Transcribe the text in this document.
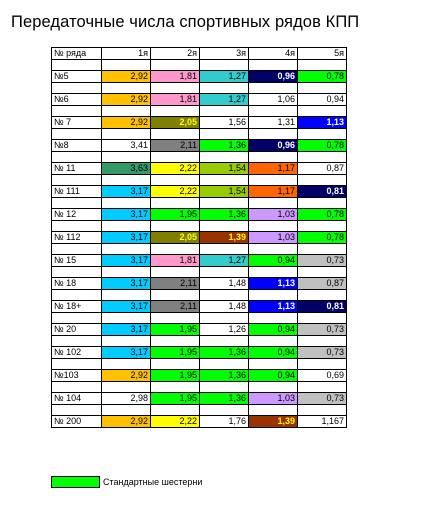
Передаточные числа спортивных рядов КПП
№ ряда	1я	2я	3я	4я	5я

№5	2,92	1,81	1,27	0,96	0,78

№6	2,92	1,81	1,27	1,06	0,94

№ 7	2,92	2,05	1,56	1,31	1,13

№8	3,41	2,11	1,36	0,96	0,78

№ 11	3,63	2,22	1,54	1,17	0,87

№ 111	3,17	2,22	1,54	1,17	0,81

№ 12	3,17	1,95	1,36	1,03	0,78

№ 112	3,17	2,05	1,39	1,03	0,78

№ 15	3,17	1,81	1,27	0,94	0,73

№ 18	3,17	2,11	1,48	1,13	0,87

№ 18+	3,17	2,11	1,48	1,13	0,81

№ 20	3,17	1,95	1,26	0,94	0,73

№ 102	3,17	1,95	1,36	0,94	0,73

№103	2,92	1,95	1,36	0,94	0,69

№ 104	2,98	1,95	1,36	1,03	0,73

№ 200	2,92	2,22	1,76	1,39	1,167
Стандартные шестерни
